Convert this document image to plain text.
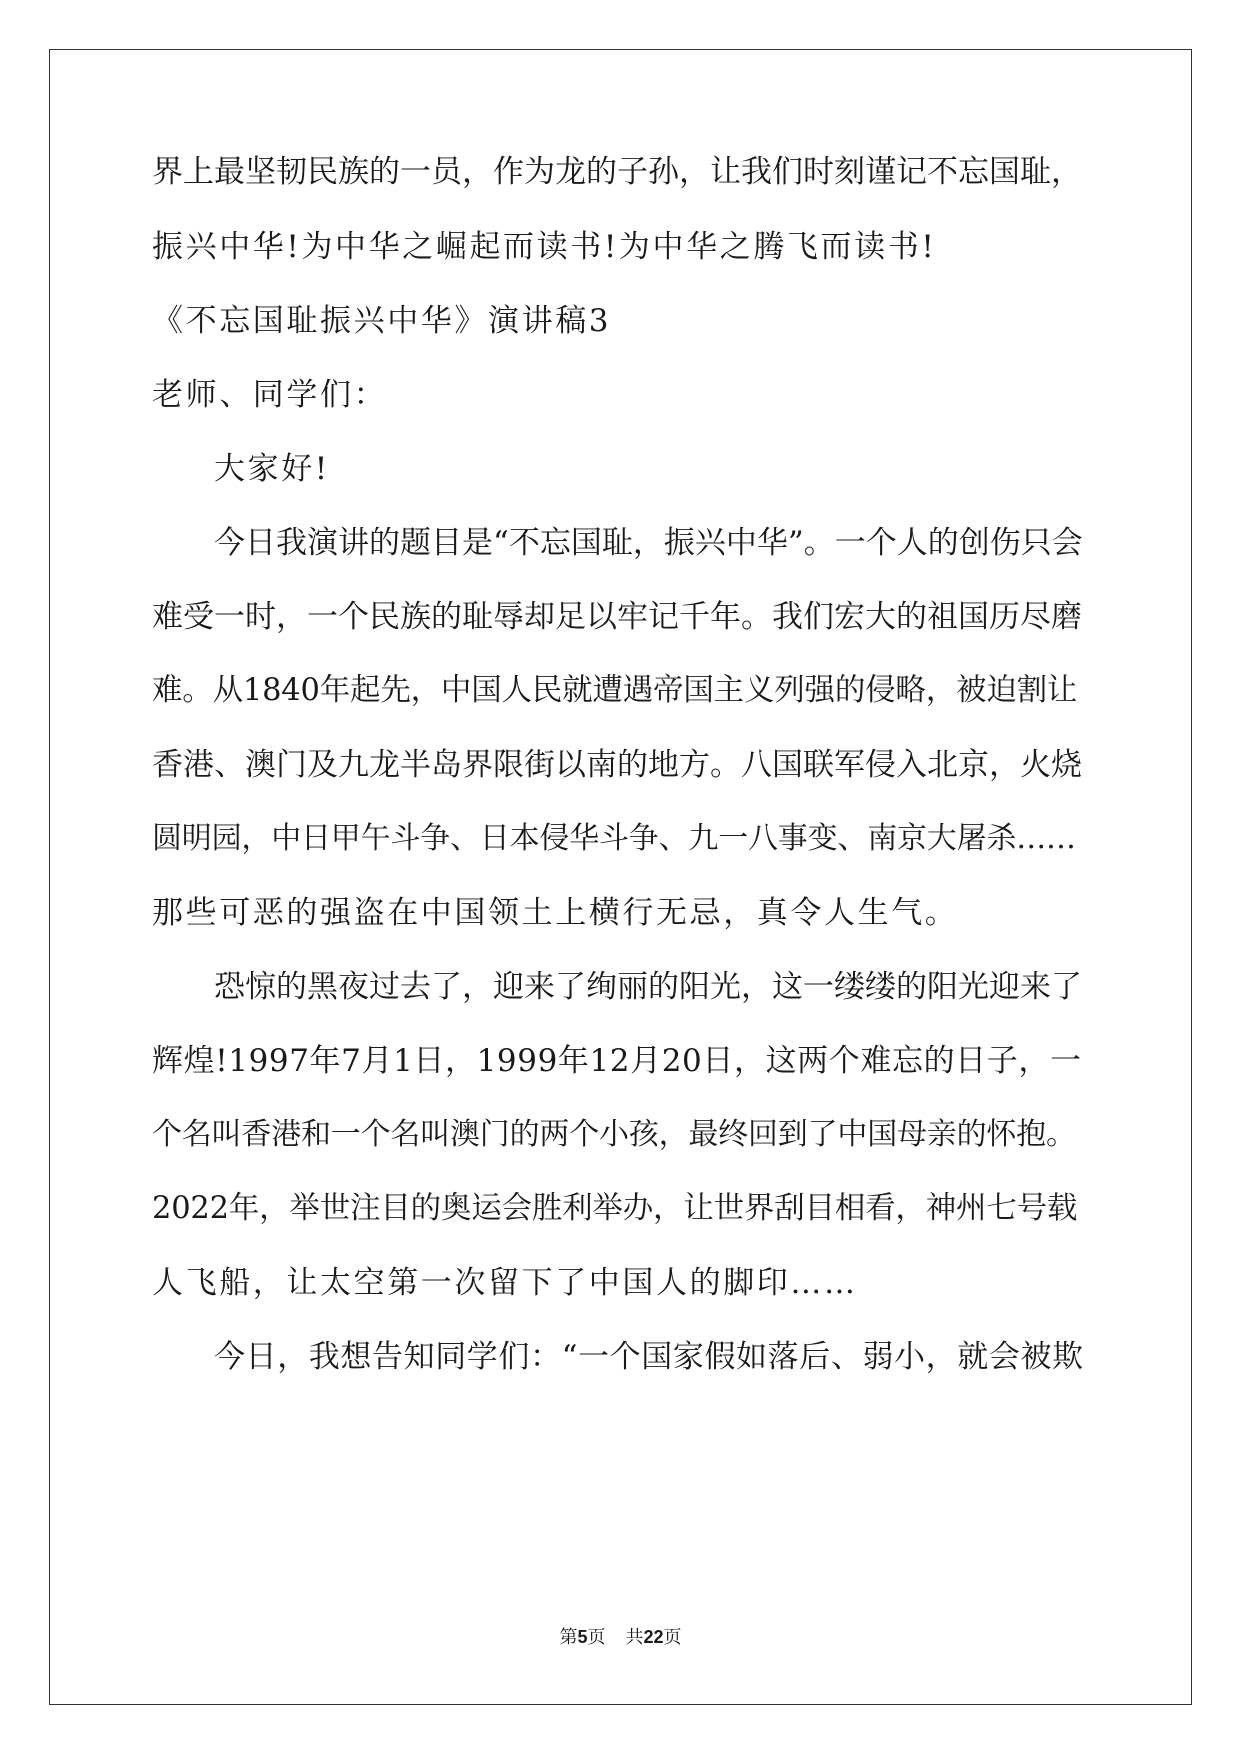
界上最坚韧民族的一员，作为龙的子孙，让我们时刻谨记不忘国耻，
振兴中华!为中华之崛起而读书!为中华之腾飞而读书!
《不忘国耻振兴中华》演讲稿3
老师、同学们：
大家好!
今日我演讲的题目是“不忘国耻，振兴中华”。一个人的创伤只会
难受一时，一个民族的耻辱却足以牢记千年。我们宏大的祖国历尽磨
难。从1840年起先，中国人民就遭遇帝国主义列强的侵略，被迫割让
香港、澳门及九龙半岛界限街以南的地方。八国联军侵入北京，火烧
圆明园，中日甲午斗争、日本侵华斗争、九一八事变、南京大屠杀……
那些可恶的强盗在中国领土上横行无忌，真令人生气。
恐惊的黑夜过去了，迎来了绚丽的阳光，这一缕缕的阳光迎来了
辉煌!1997年7月1日，1999年12月20日，这两个难忘的日子，一
个名叫香港和一个名叫澳门的两个小孩，最终回到了中国母亲的怀抱。
2022年，举世注目的奥运会胜利举办，让世界刮目相看，神州七号载
人飞船，让太空第一次留下了中国人的脚印……
今日，我想告知同学们：“一个国家假如落后、弱小，就会被欺
第5页 共22页
